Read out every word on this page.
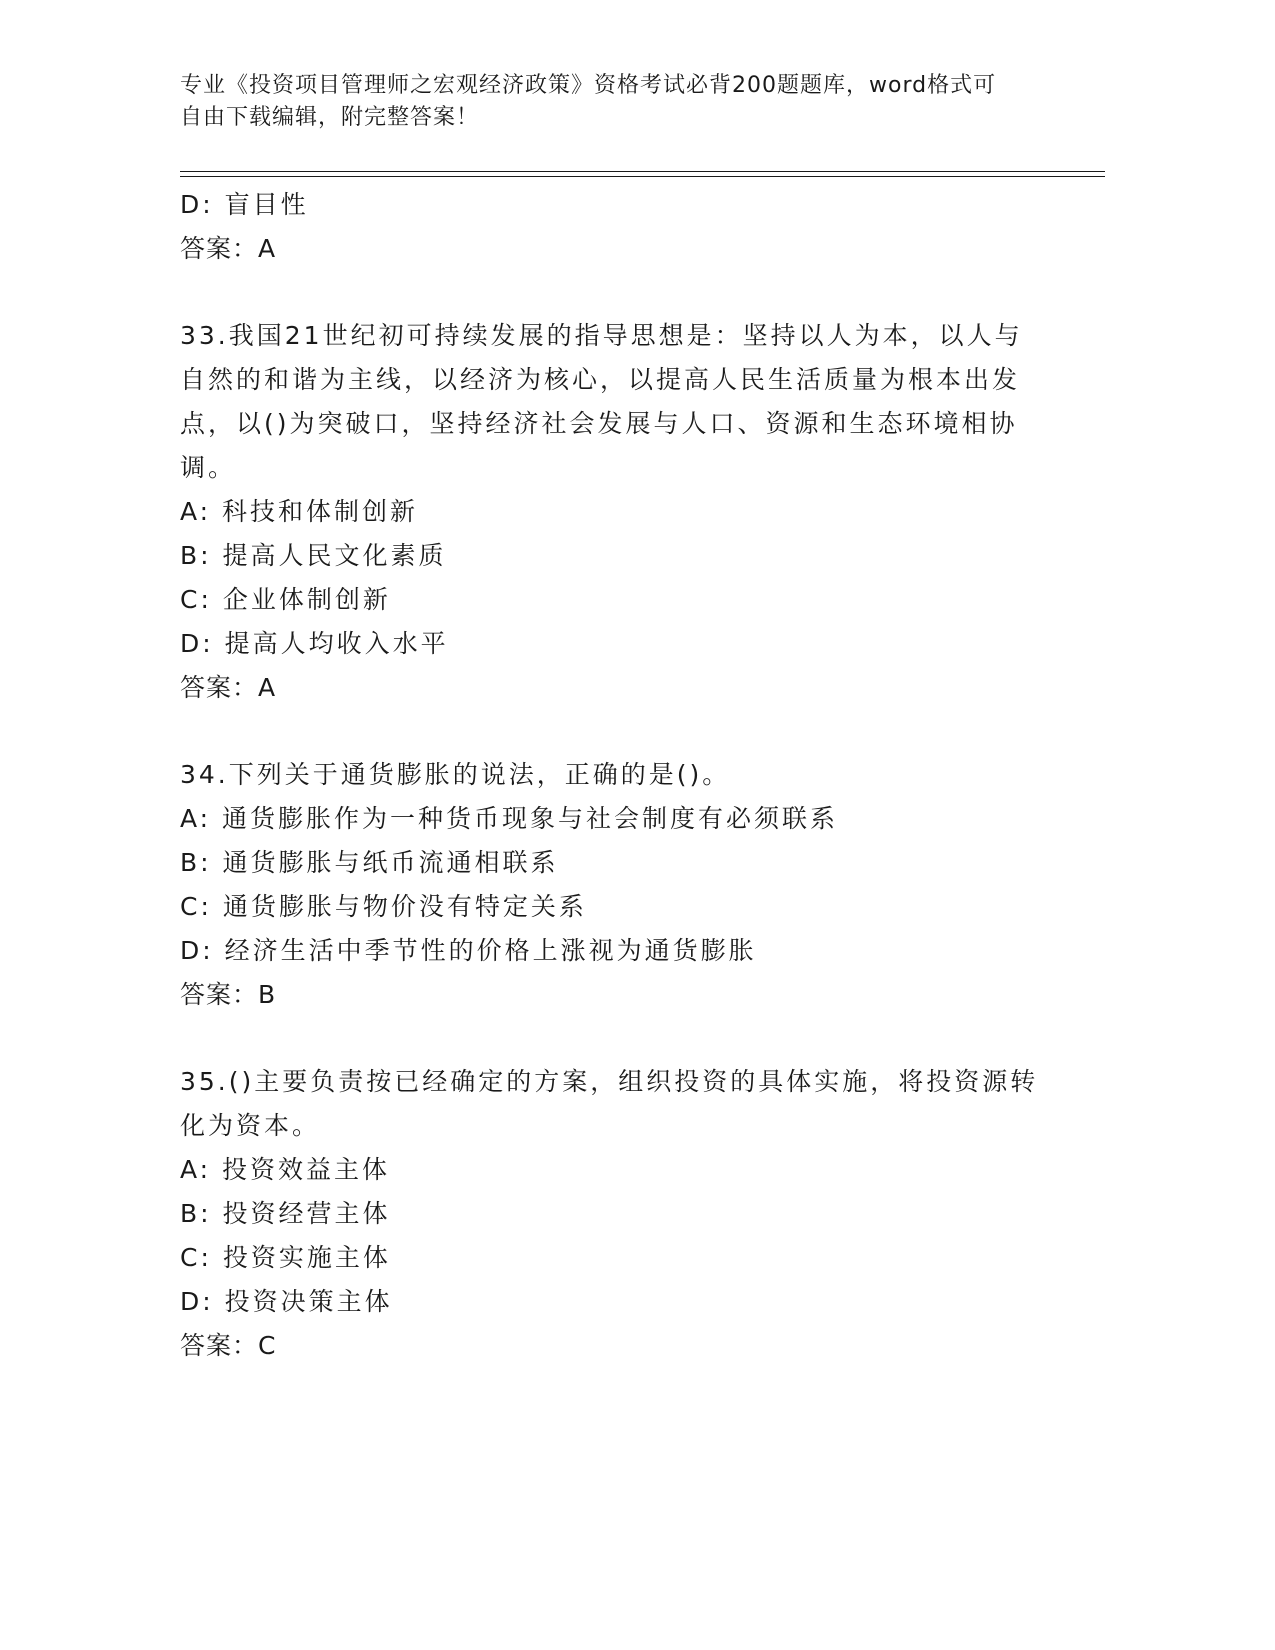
专业《投资项目管理师之宏观经济政策》资格考试必背200题题库，word格式可
自由下载编辑，附完整答案！
D: 盲目性
答案：A
33.我国21世纪初可持续发展的指导思想是：坚持以人为本，以人与
自然的和谐为主线，以经济为核心，以提高人民生活质量为根本出发
点，以()为突破口，坚持经济社会发展与人口、资源和生态环境相协
调。
A: 科技和体制创新
B: 提高人民文化素质
C: 企业体制创新
D: 提高人均收入水平
答案：A
34.下列关于通货膨胀的说法，正确的是()。
A: 通货膨胀作为一种货币现象与社会制度有必须联系
B: 通货膨胀与纸币流通相联系
C: 通货膨胀与物价没有特定关系
D: 经济生活中季节性的价格上涨视为通货膨胀
答案：B
35.()主要负责按已经确定的方案，组织投资的具体实施，将投资源转
化为资本。
A: 投资效益主体
B: 投资经营主体
C: 投资实施主体
D: 投资决策主体
答案：C
